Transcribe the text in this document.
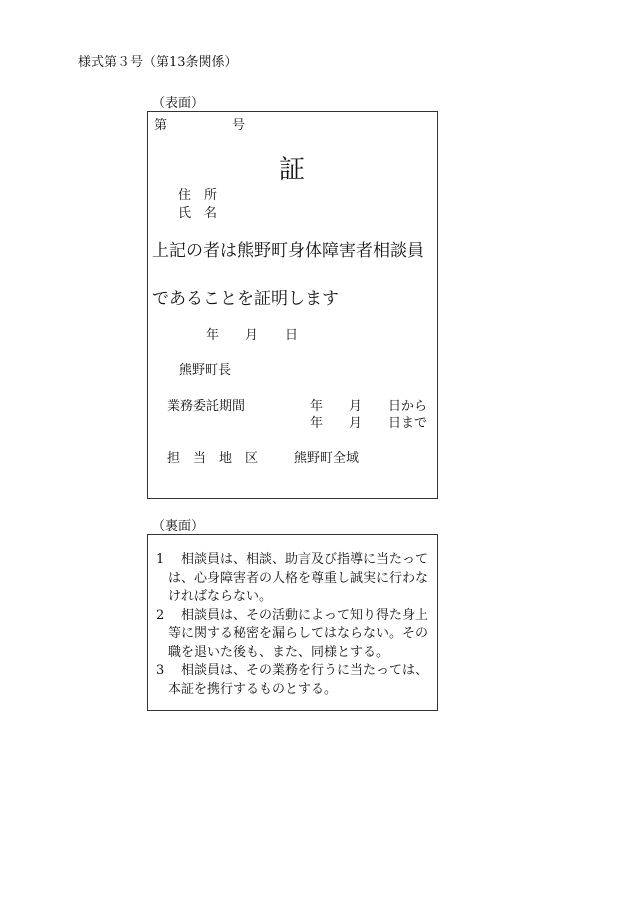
様式第３号（第13条関係）
（表面）
第	号
証
住　所
氏　名
上記の者は熊野町身体障害者相談員
であることを証明します
年 月 日
熊野町長
業務委託期間	年 月 日から
年 月 日まで
担　当　地　区	熊野町全域
（裏面）
1	相談員は、相談、助言及び指導に当たっては、心身障害者の人格を尊重し誠実に行わなければならない。
2	相談員は、その活動によって知り得た身上等に関する秘密を漏らしてはならない。その職を退いた後も、また、同様とする。
3	相談員は、その業務を行うに当たっては、本証を携行するものとする。
